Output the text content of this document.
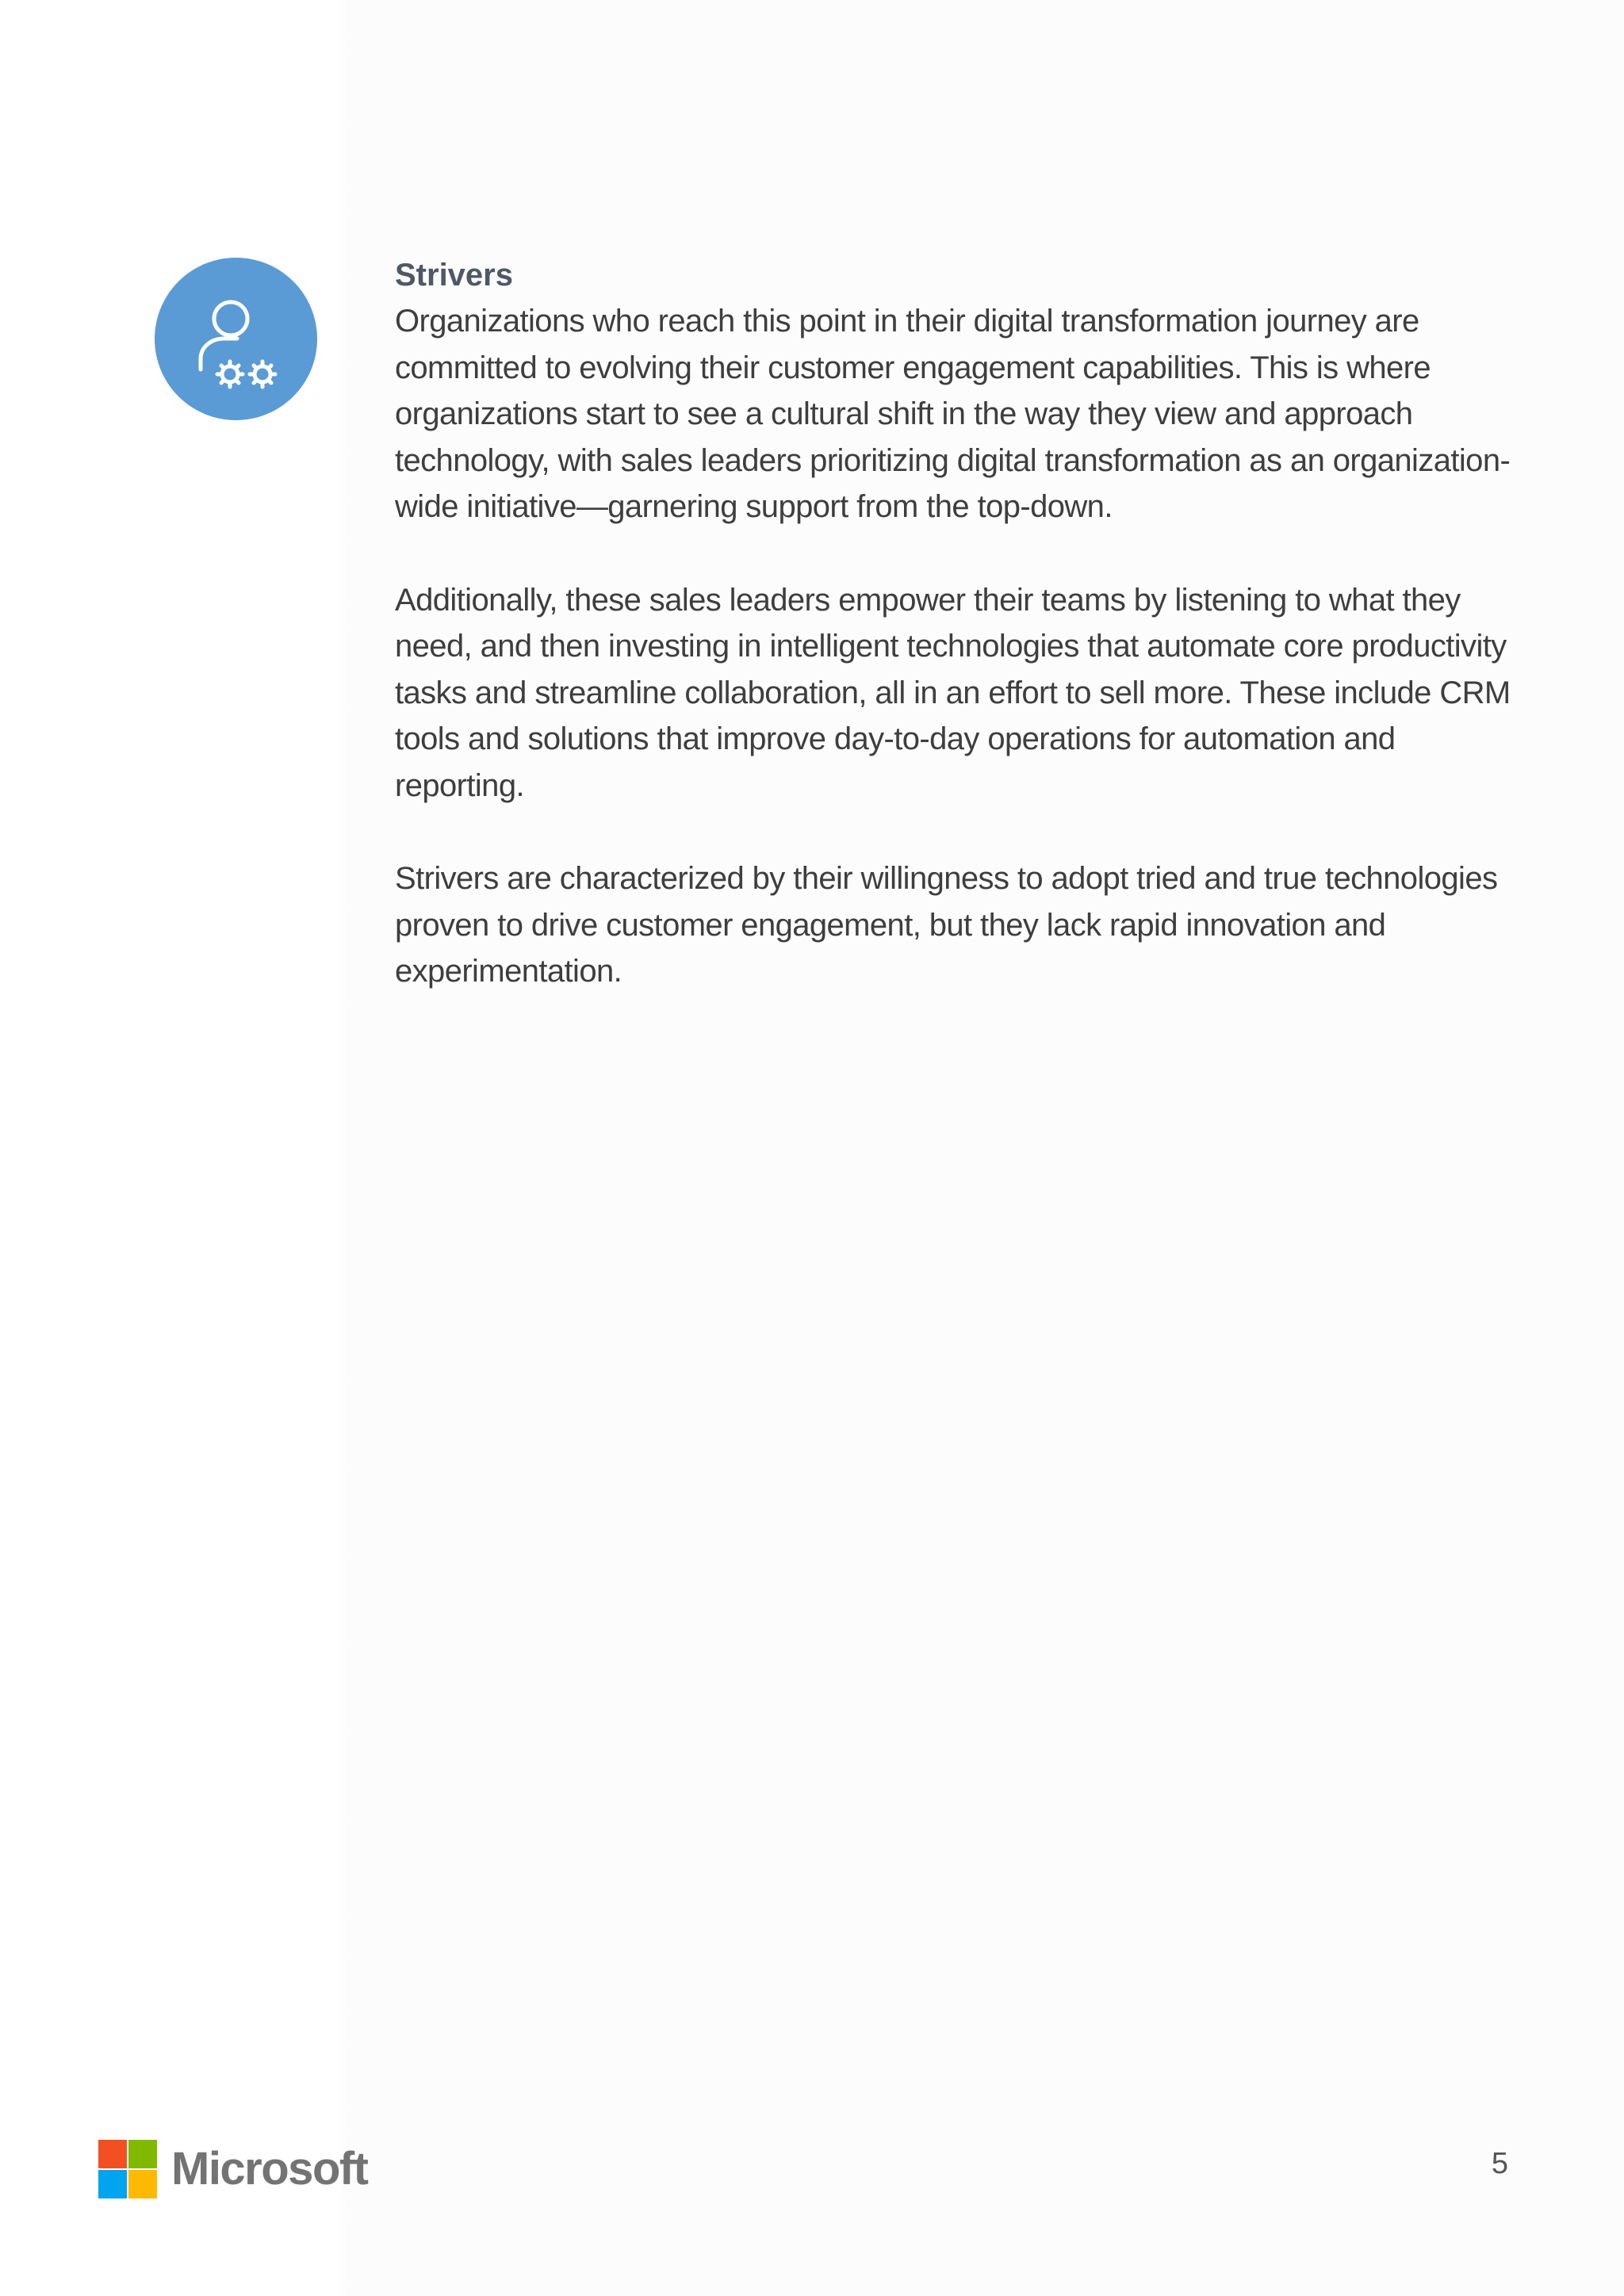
Strivers

Organizations who reach this point in their digital transformation journey are committed to evolving their customer engagement capabilities. This is where organizations start to see a cultural shift in the way they view and approach technology, with sales leaders prioritizing digital transformation as an organization-wide initiative—garnering support from the top-down.

Additionally, these sales leaders empower their teams by listening to what they need, and then investing in intelligent technologies that automate core productivity tasks and streamline collaboration, all in an effort to sell more. These include CRM tools and solutions that improve day-to-day operations for automation and reporting.

Strivers are characterized by their willingness to adopt tried and true technologies proven to drive customer engagement, but they lack rapid innovation and experimentation.

Microsoft	5
